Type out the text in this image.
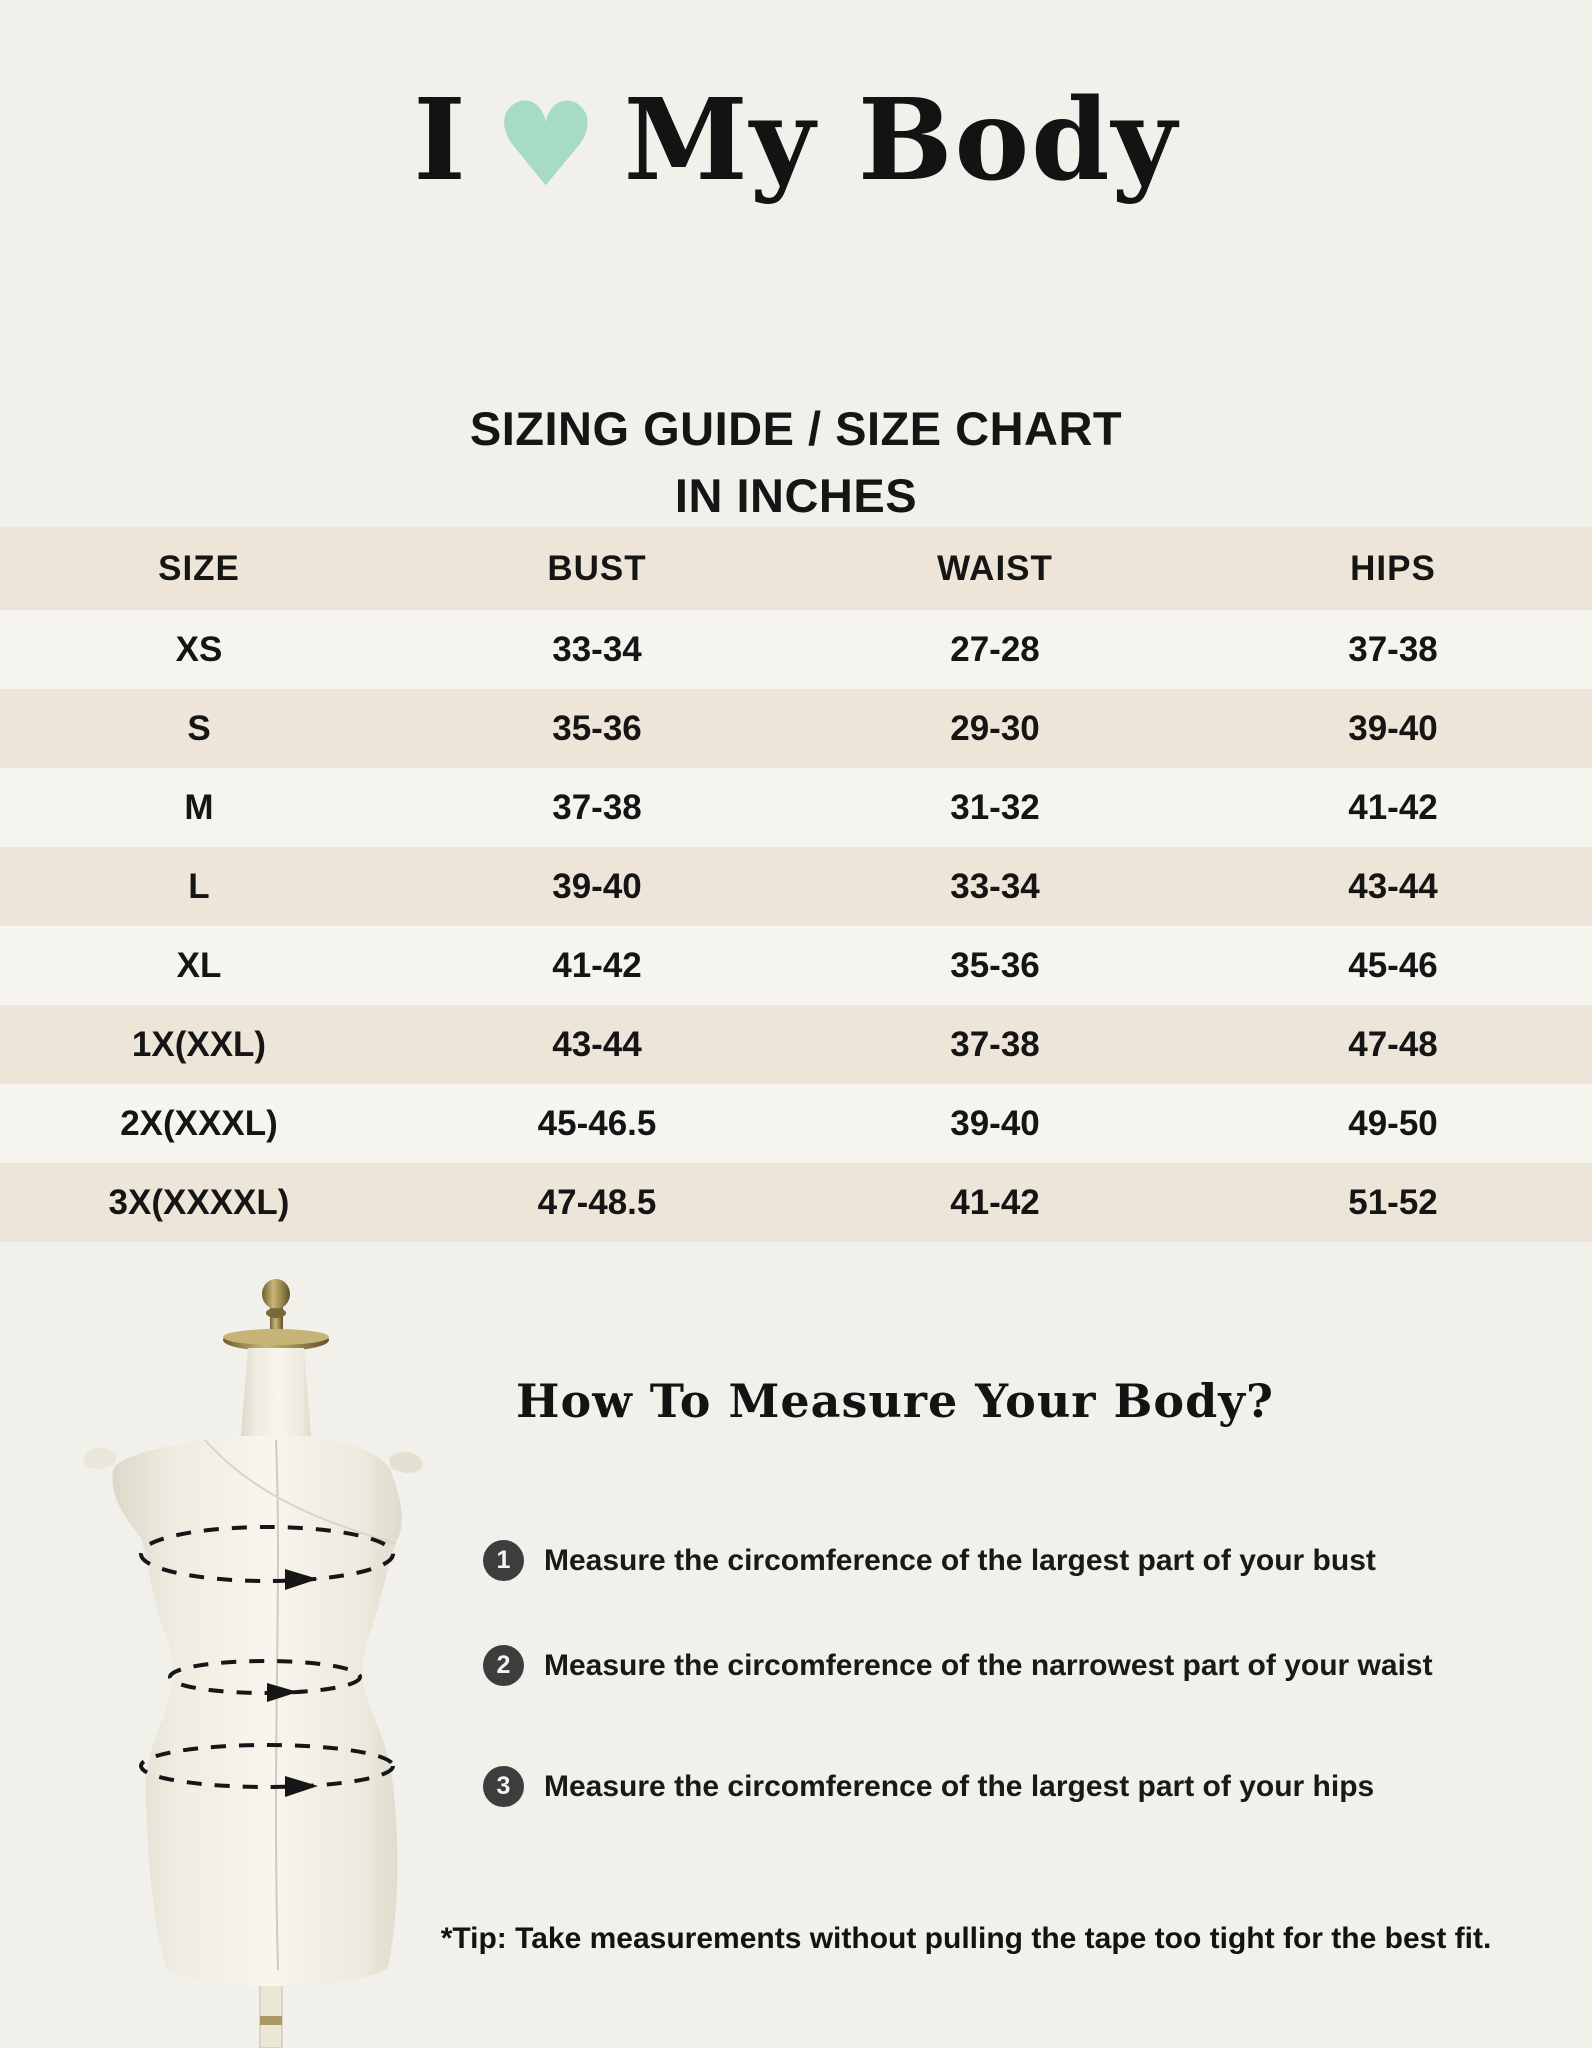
I ♥ My Body
SIZING GUIDE / SIZE CHART
IN INCHES
SIZE	BUST	WAIST	HIPS
XS	33-34	27-28	37-38
S	35-36	29-30	39-40
M	37-38	31-32	41-42
L	39-40	33-34	43-44
XL	41-42	35-36	45-46
1X(XXL)	43-44	37-38	47-48
2X(XXXL)	45-46.5	39-40	49-50
3X(XXXXL)	47-48.5	41-42	51-52
How To Measure Your Body?
1	Measure the circomference of the largest part of your bust
2	Measure the circomference of the narrowest part of your waist
3	Measure the circomference of the largest part of your hips
*Tip: Take measurements without pulling the tape too tight for the best fit.
